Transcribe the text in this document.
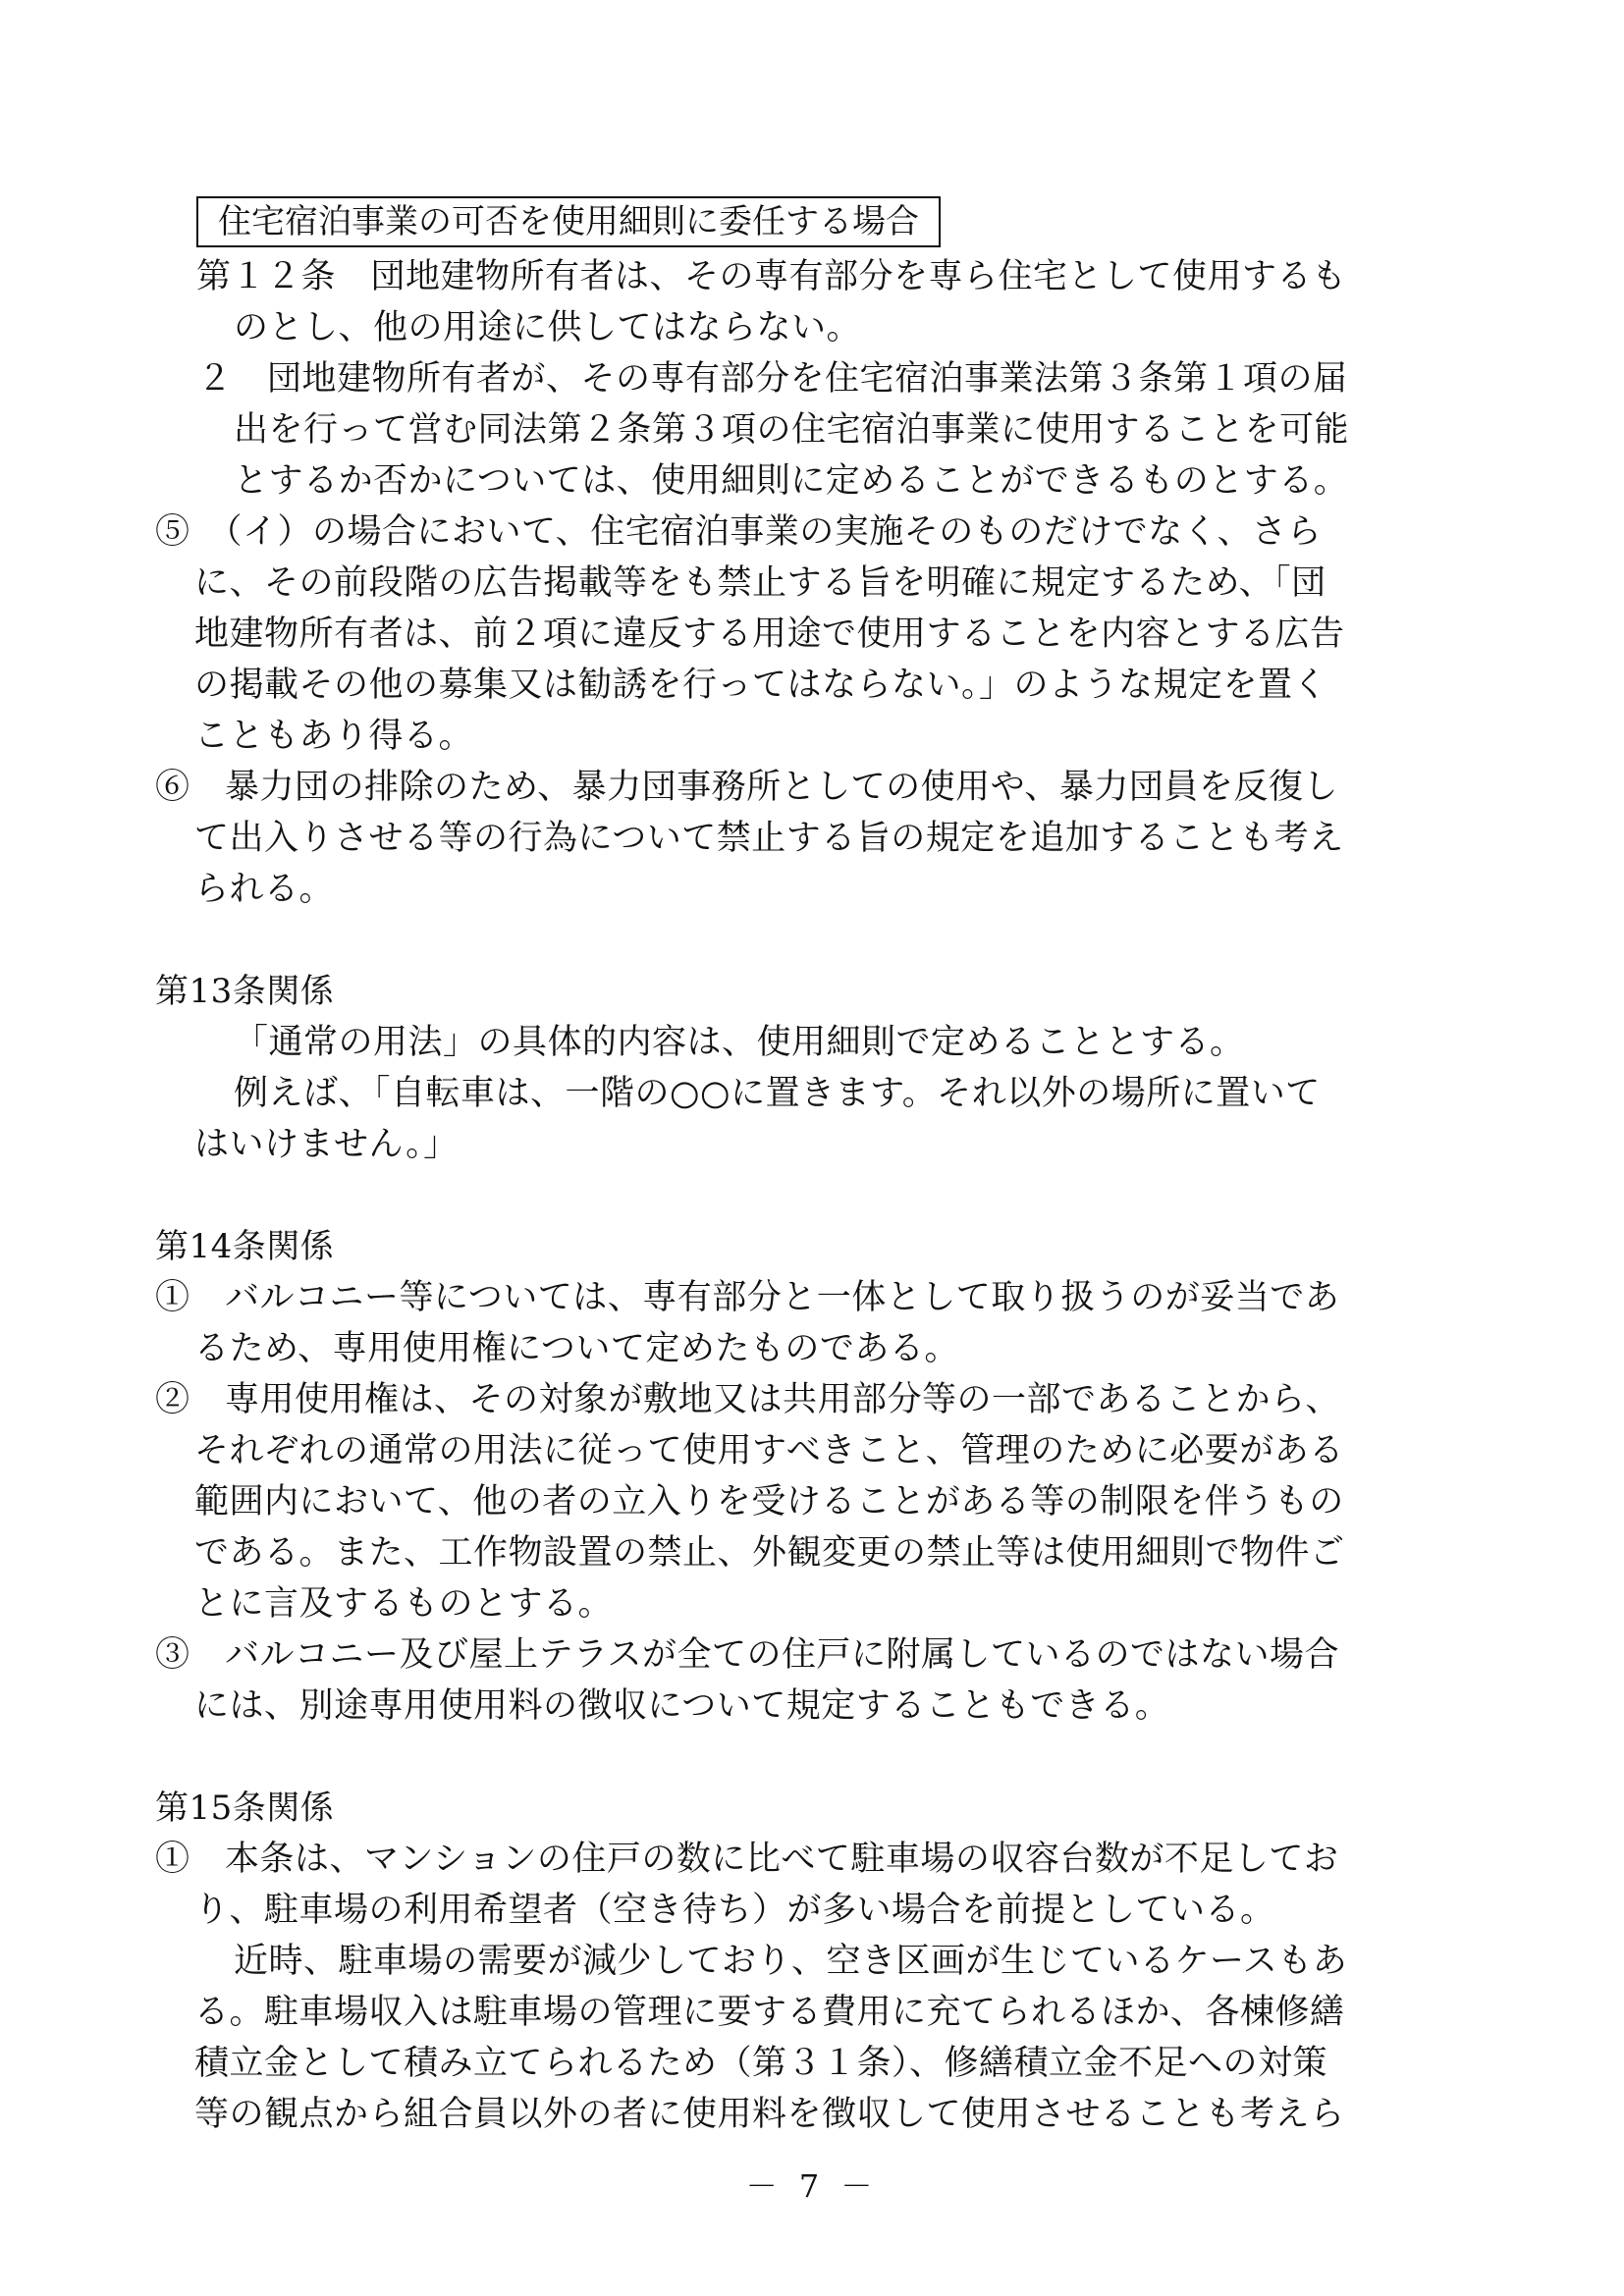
住宅宿泊事業の可否を使用細則に委任する場合
第１２条　団地建物所有者は、その専有部分を専ら住宅として使用するも
のとし、他の用途に供してはならない。
２　団地建物所有者が、その専有部分を住宅宿泊事業法第３条第１項の届
出を行って営む同法第２条第３項の住宅宿泊事業に使用することを可能
とするか否かについては、使用細則に定めることができるものとする。
⑤　（イ）の場合において、住宅宿泊事業の実施そのものだけでなく、さら
に、その前段階の広告掲載等をも禁止する旨を明確に規定するため、「団
地建物所有者は、前２項に違反する用途で使用することを内容とする広告
の掲載その他の募集又は勧誘を行ってはならない。」のような規定を置く
こともあり得る。
⑥　暴力団の排除のため、暴力団事務所としての使用や、暴力団員を反復し
て出入りさせる等の行為について禁止する旨の規定を追加することも考え
られる。
第13条関係
「通常の用法」の具体的内容は、使用細則で定めることとする。
例えば、「自転車は、一階の○○に置きます。それ以外の場所に置いて
はいけません。」
第14条関係
①　バルコニー等については、専有部分と一体として取り扱うのが妥当であ
るため、専用使用権について定めたものである。
②　専用使用権は、その対象が敷地又は共用部分等の一部であることから、
それぞれの通常の用法に従って使用すべきこと、管理のために必要がある
範囲内において、他の者の立入りを受けることがある等の制限を伴うもの
である。また、工作物設置の禁止、外観変更の禁止等は使用細則で物件ご
とに言及するものとする。
③　バルコニー及び屋上テラスが全ての住戸に附属しているのではない場合
には、別途専用使用料の徴収について規定することもできる。
第15条関係
①　本条は、マンションの住戸の数に比べて駐車場の収容台数が不足してお
り、駐車場の利用希望者（空き待ち）が多い場合を前提としている。
近時、駐車場の需要が減少しており、空き区画が生じているケースもあ
る。駐車場収入は駐車場の管理に要する費用に充てられるほか、各棟修繕
積立金として積み立てられるため（第３１条）、修繕積立金不足への対策
等の観点から組合員以外の者に使用料を徴収して使用させることも考えら
－ 7 －
